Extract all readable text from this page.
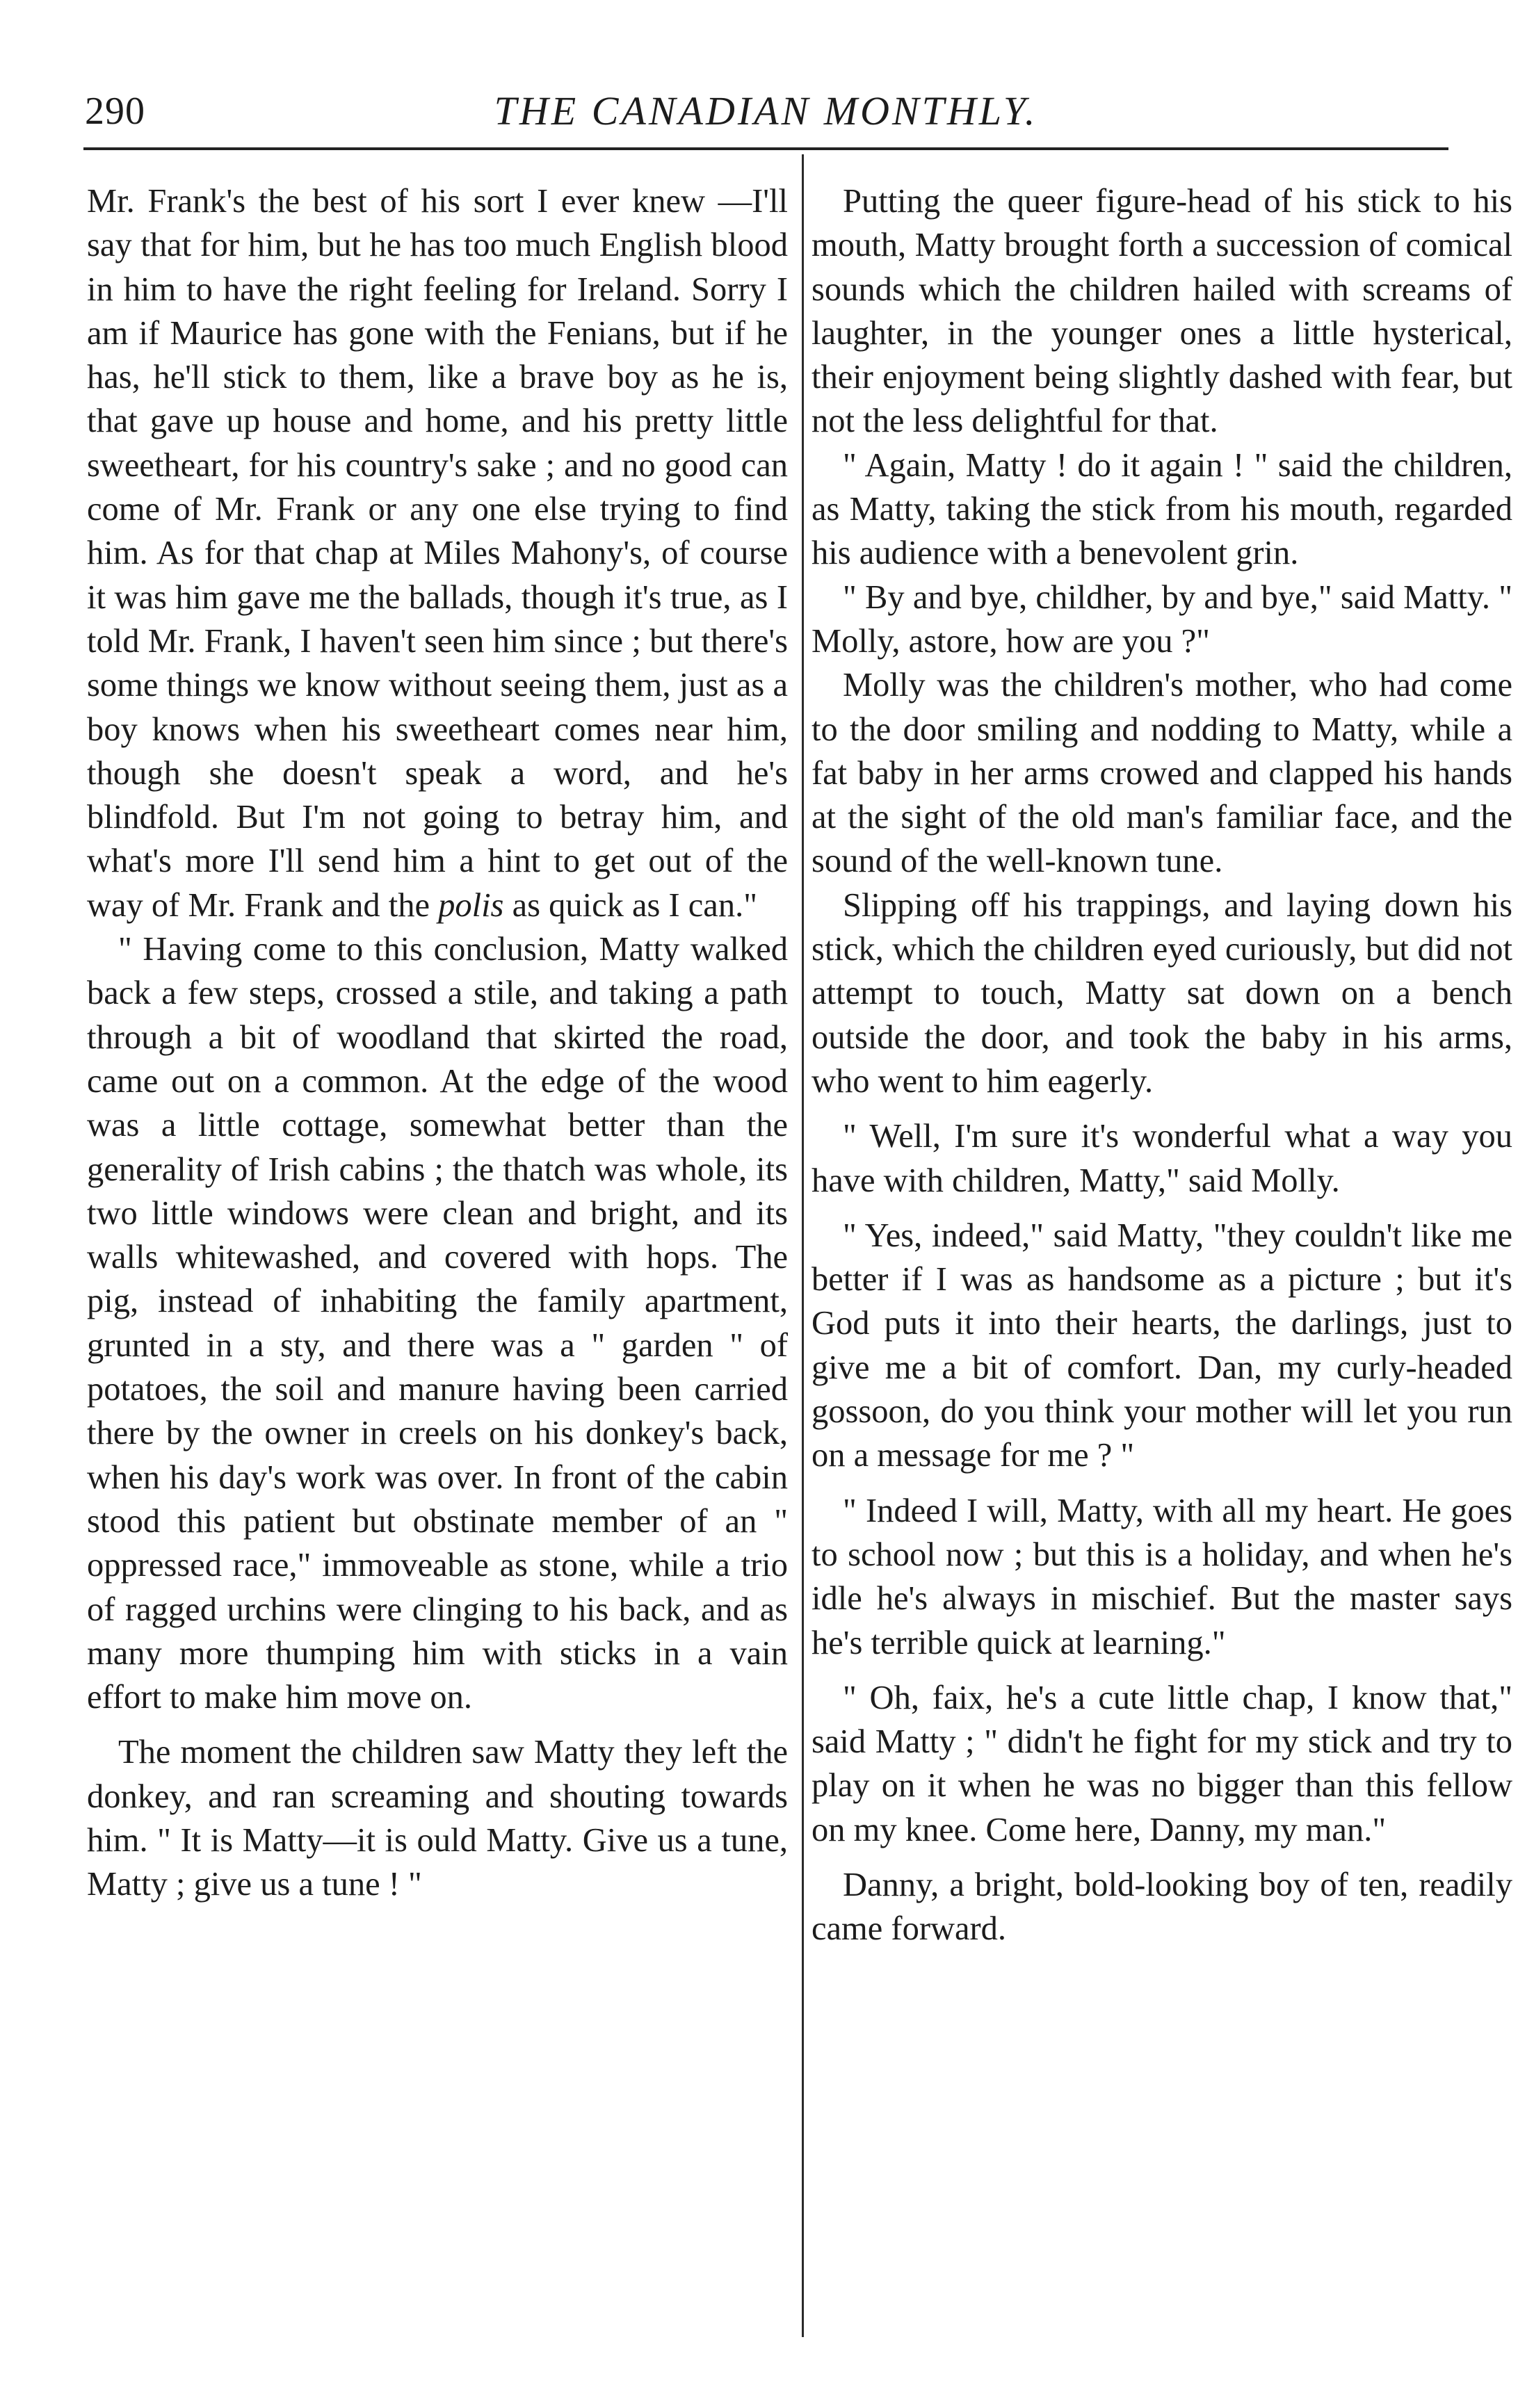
290	THE CANADIAN MONTHLY.

Mr. Frank's the best of his sort I ever knew —I'll say that for him, but he has too much English blood in him to have the right feeling for Ireland. Sorry I am if Maurice has gone with the Fenians, but if he has, he'll stick to them, like a brave boy as he is, that gave up house and home, and his pretty little sweetheart, for his country's sake ; and no good can come of Mr. Frank or any one else trying to find him. As for that chap at Miles Mahony's, of course it was him gave me the ballads, though it's true, as I told Mr. Frank, I haven't seen him since ; but there's some things we know without seeing them, just as a boy knows when his sweetheart comes near him, though she doesn't speak a word, and he's blindfold. But I'm not going to betray him, and what's more I'll send him a hint to get out of the way of Mr. Frank and the polis as quick as I can."

" Having come to this conclusion, Matty walked back a few steps, crossed a stile, and taking a path through a bit of woodland that skirted the road, came out on a common. At the edge of the wood was a little cottage, somewhat better than the generality of Irish cabins ; the thatch was whole, its two little windows were clean and bright, and its walls whitewashed, and covered with hops. The pig, instead of inhabiting the family apartment, grunted in a sty, and there was a " garden " of potatoes, the soil and manure having been carried there by the owner in creels on his donkey's back, when his day's work was over. In front of the cabin stood this patient but obstinate member of an " oppressed race," immoveable as stone, while a trio of ragged urchins were clinging to his back, and as many more thumping him with sticks in a vain effort to make him move on.

The moment the children saw Matty they left the donkey, and ran screaming and shouting towards him. " It is Matty—it is ould Matty. Give us a tune, Matty ; give us a tune ! "

Putting the queer figure-head of his stick to his mouth, Matty brought forth a succession of comical sounds which the children hailed with screams of laughter, in the younger ones a little hysterical, their enjoyment being slightly dashed with fear, but not the less delightful for that.

" Again, Matty ! do it again ! " said the children, as Matty, taking the stick from his mouth, regarded his audience with a benevolent grin.

" By and bye, childher, by and bye," said Matty. " Molly, astore, how are you ?"

Molly was the children's mother, who had come to the door smiling and nodding to Matty, while a fat baby in her arms crowed and clapped his hands at the sight of the old man's familiar face, and the sound of the well-known tune.

Slipping off his trappings, and laying down his stick, which the children eyed curiously, but did not attempt to touch, Matty sat down on a bench outside the door, and took the baby in his arms, who went to him eagerly.

" Well, I'm sure it's wonderful what a way you have with children, Matty," said Molly.

" Yes, indeed," said Matty, "they couldn't like me better if I was as handsome as a picture ; but it's God puts it into their hearts, the darlings, just to give me a bit of comfort. Dan, my curly-headed gossoon, do you think your mother will let you run on a message for me ? "

" Indeed I will, Matty, with all my heart. He goes to school now ; but this is a holiday, and when he's idle he's always in mischief. But the master says he's terrible quick at learning."

" Oh, faix, he's a cute little chap, I know that," said Matty ; " didn't he fight for my stick and try to play on it when he was no bigger than this fellow on my knee. Come here, Danny, my man."

Danny, a bright, bold-looking boy of ten, readily came forward.
